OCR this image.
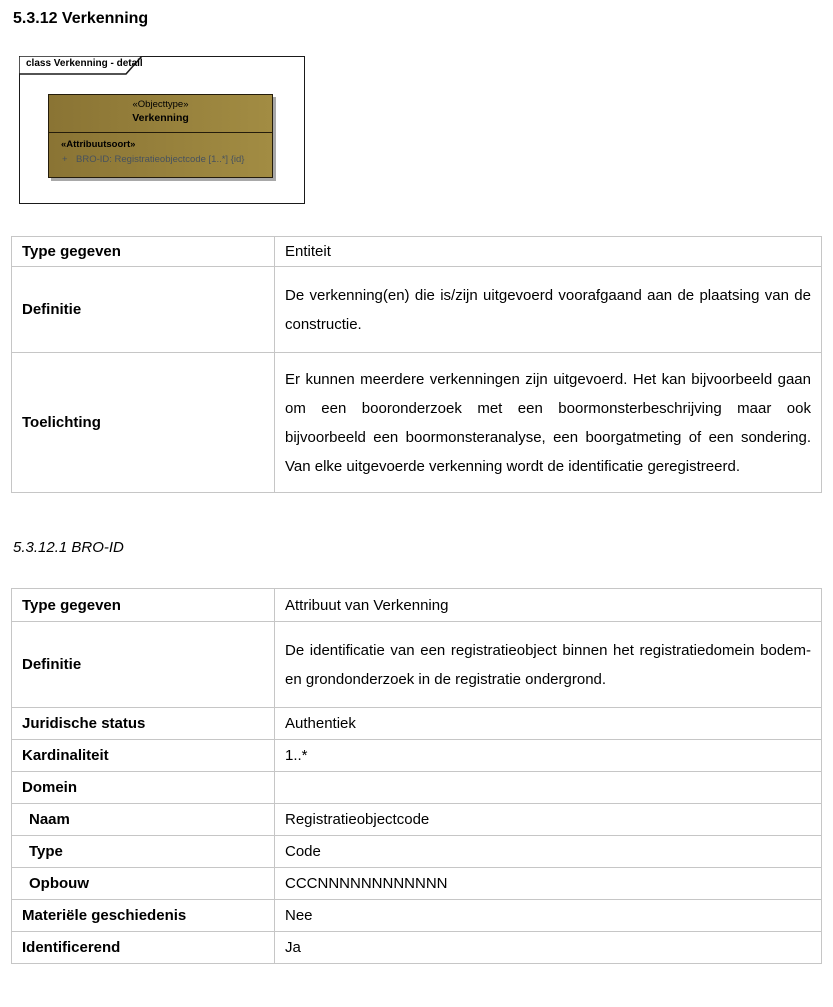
5.3.12 Verkenning
class Verkenning - detail
«Objecttype»
Verkenning
«Attribuutsoort»
+ BRO-ID: Registratieobjectcode [1..*] {id}
Type gegeven	Entiteit

Definitie	De verkenning(en) die is/zijn uitgevoerd voorafgaand aan de plaatsing van de constructie.

Toelichting	Er kunnen meerdere verkenningen zijn uitgevoerd. Het kan bijvoorbeeld gaan om een booronderzoek met een boormonsterbeschrijving maar ook bijvoorbeeld een boormonsteranalyse, een boorgatmeting of een sondering. Van elke uitgevoerde verkenning wordt de identificatie geregistreerd.
5.3.12.1 BRO-ID
Type gegeven	Attribuut van Verkenning

Definitie	De identificatie van een registratieobject binnen het registratiedomein bodem- en grondonderzoek in de registratie ondergrond.

Juridische status	Authentiek

Kardinaliteit	1..*

Domein	

Naam	Registratieobjectcode

Type	Code

Opbouw	CCCNNNNNNNNNNNN

Materiële geschiedenis	Nee

Identificerend	Ja
